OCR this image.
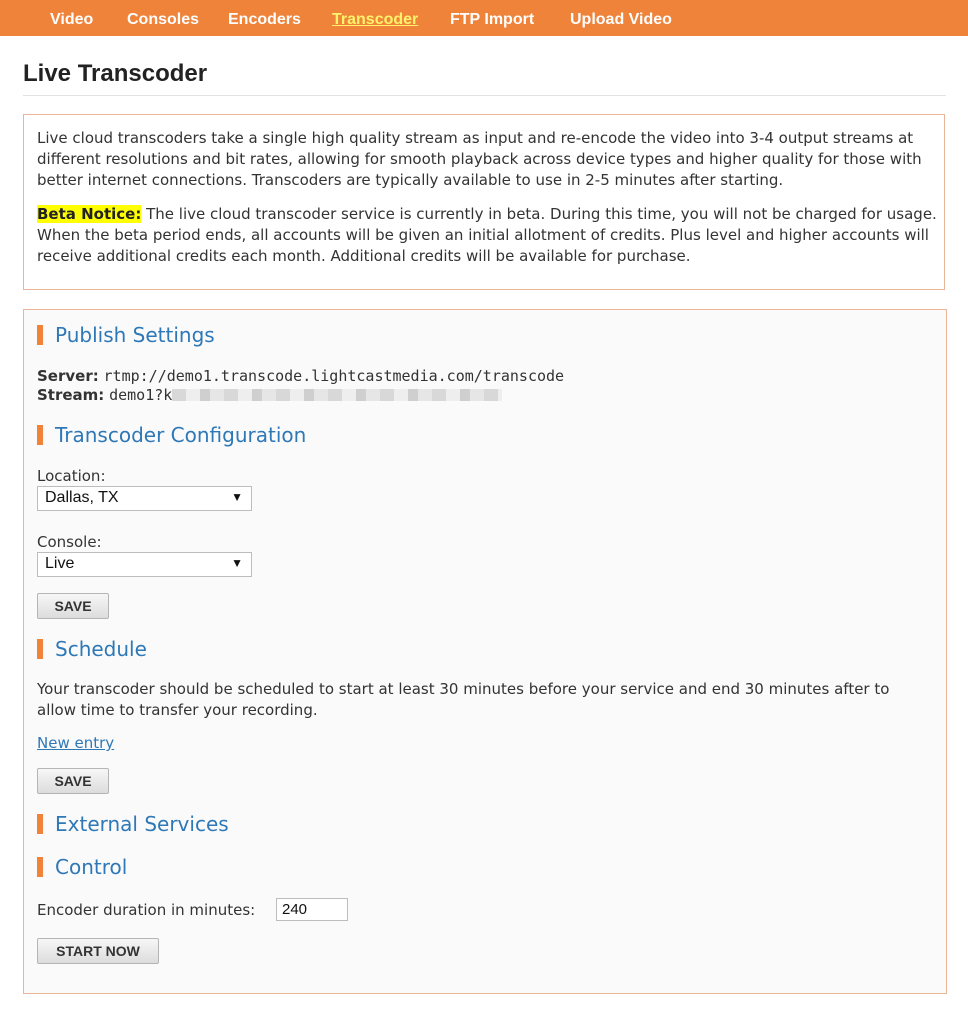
Video Consoles Encoders Transcoder FTP Import Upload Video
Live Transcoder

Live cloud transcoders take a single high quality stream as input and re-encode the video into 3-4 output streams at different resolutions and bit rates, allowing for smooth playback across device types and higher quality for those with better internet connections. Transcoders are typically available to use in 2-5 minutes after starting.

Beta Notice: The live cloud transcoder service is currently in beta. During this time, you will not be charged for usage. When the beta period ends, all accounts will be given an initial allotment of credits. Plus level and higher accounts will receive additional credits each month. Additional credits will be available for purchase.

Publish Settings
Server: rtmp://demo1.transcode.lightcastmedia.com/transcode
Stream: demo1?k
Transcoder Configuration
Location:
Dallas, TX	▼
Console:
Live	▼
SAVE
Schedule

Your transcoder should be scheduled to start at least 30 minutes before your service and end 30 minutes after to allow time to transfer your recording.

New entry
SAVE
External Services
Control
Encoder duration in minutes:
240
START NOW
